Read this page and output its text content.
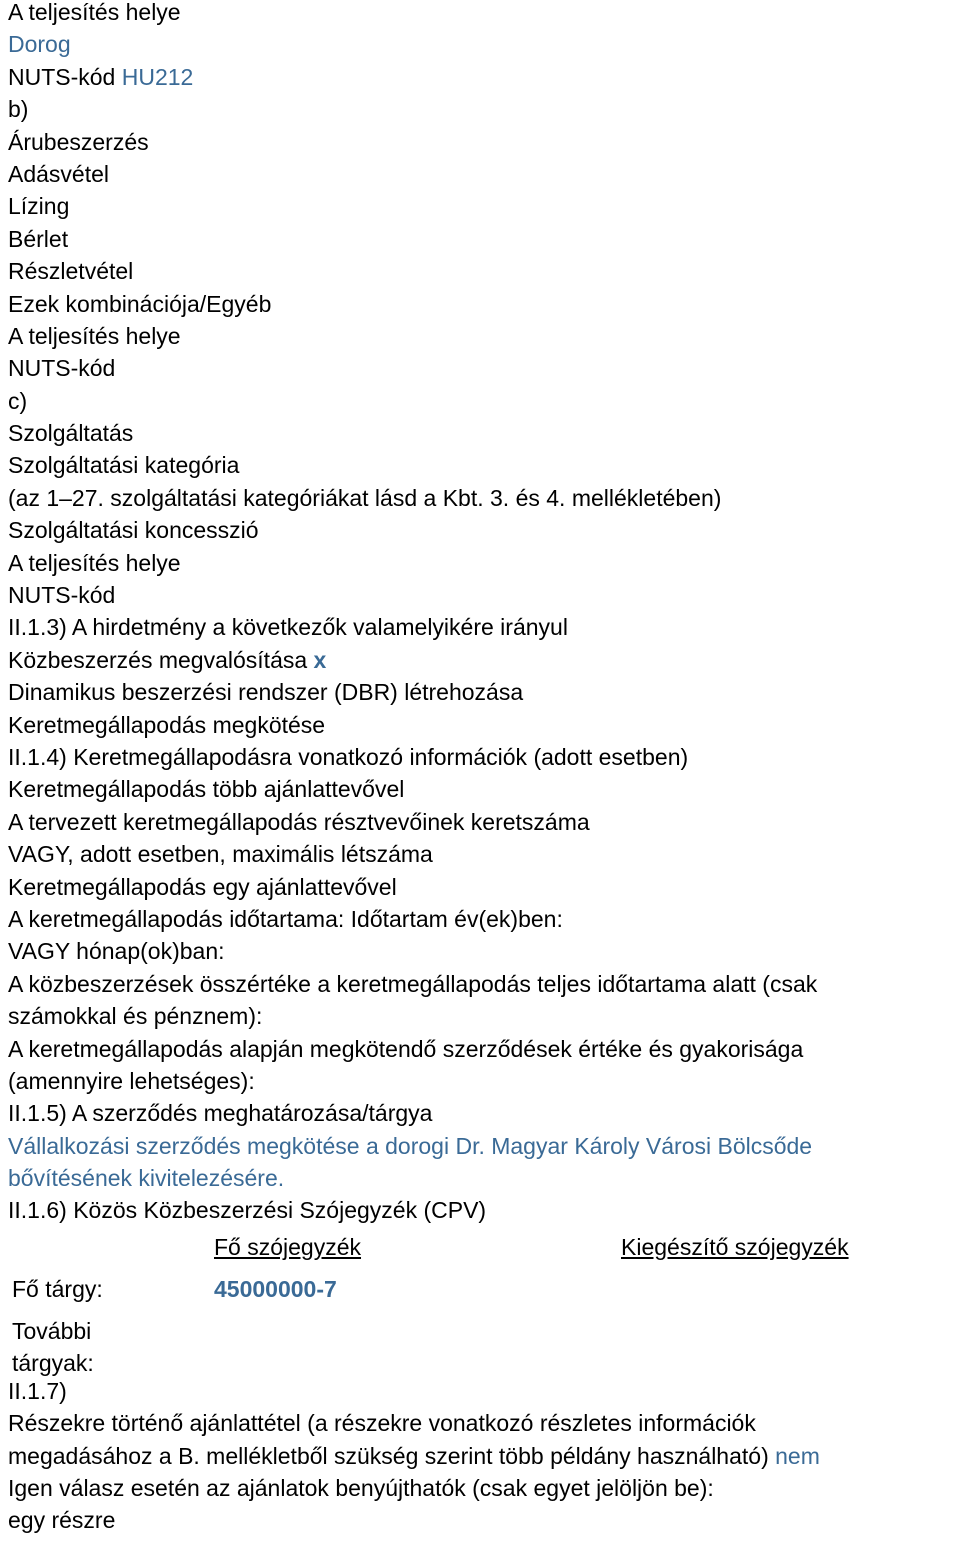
A teljesítés helye
Dorog
NUTS-kód HU212
b)
Árubeszerzés
Adásvétel
Lízing
Bérlet
Részletvétel
Ezek kombinációja/Egyéb
A teljesítés helye
NUTS-kód
c)
Szolgáltatás
Szolgáltatási kategória
(az 1–27. szolgáltatási kategóriákat lásd a Kbt. 3. és 4. mellékletében)
Szolgáltatási koncesszió
A teljesítés helye
NUTS-kód
II.1.3) A hirdetmény a következők valamelyikére irányul
Közbeszerzés megvalósítása x
Dinamikus beszerzési rendszer (DBR) létrehozása
Keretmegállapodás megkötése
II.1.4) Keretmegállapodásra vonatkozó információk (adott esetben)
Keretmegállapodás több ajánlattevővel
A tervezett keretmegállapodás résztvevőinek keretszáma
VAGY, adott esetben, maximális létszáma
Keretmegállapodás egy ajánlattevővel
A keretmegállapodás időtartama: Időtartam év(ek)ben:
VAGY hónap(ok)ban:
A közbeszerzések összértéke a keretmegállapodás teljes időtartama alatt (csak
számokkal és pénznem):
A keretmegállapodás alapján megkötendő szerződések értéke és gyakorisága
(amennyire lehetséges):
II.1.5) A szerződés meghatározása/tárgya
Vállalkozási szerződés megkötése a dorogi Dr. Magyar Károly Városi Bölcsőde
bővítésének kivitelezésére.
II.1.6) Közös Közbeszerzési Szójegyzék (CPV)
Fő szójegyzék	Kiegészítő szójegyzék
Fő tárgy:	45000000-7
További
tárgyak:
II.1.7)
Részekre történő ajánlattétel (a részekre vonatkozó részletes információk
megadásához a B. mellékletből szükség szerint több példány használható) nem
Igen válasz esetén az ajánlatok benyújthatók (csak egyet jelöljön be):
egy részre
